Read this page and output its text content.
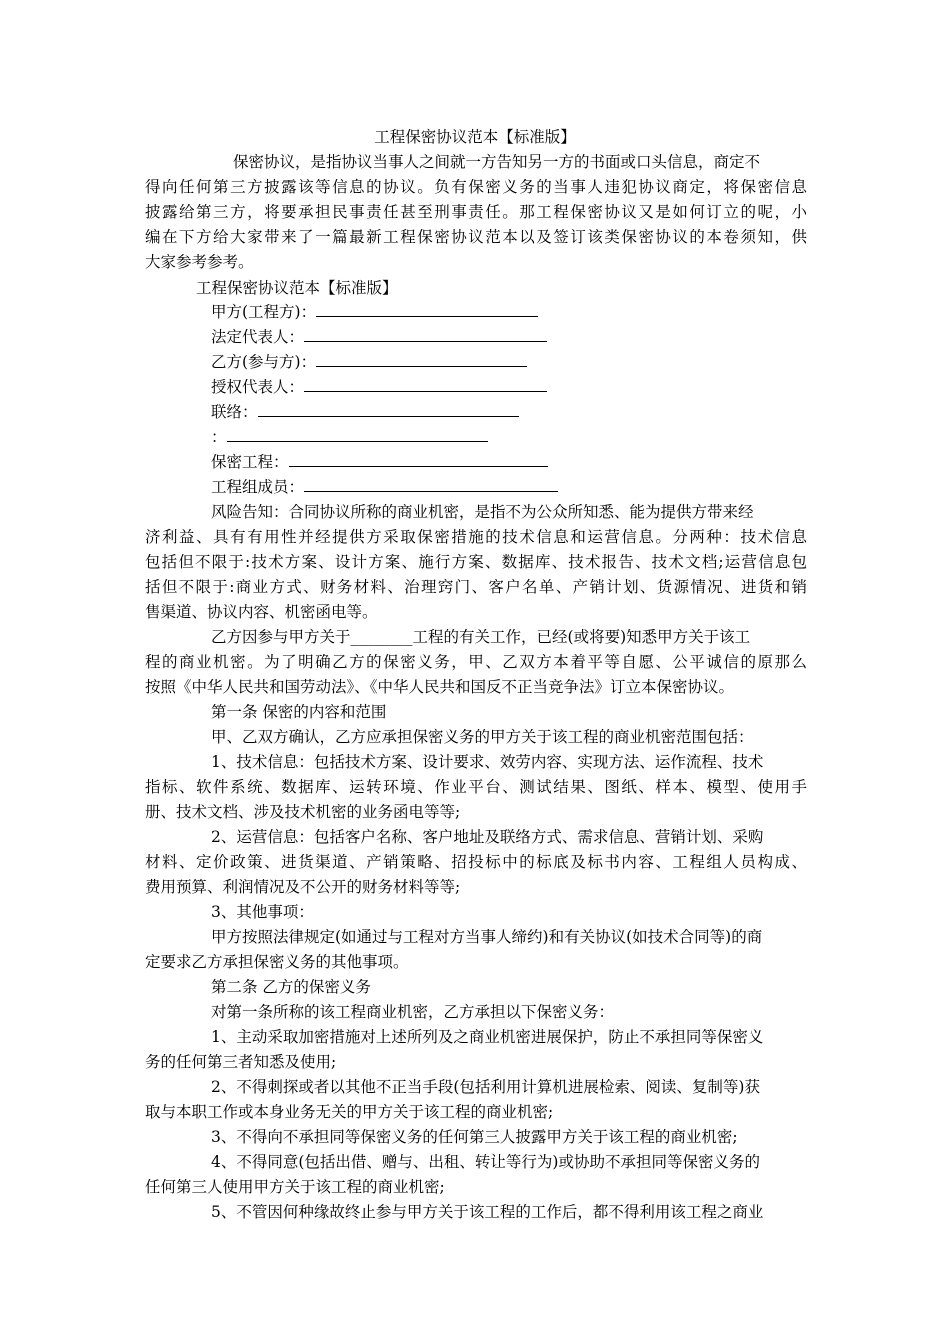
工程保密协议范本【标准版】
保密协议，是指协议当事人之间就一方告知另一方的书面或口头信息，商定不
得向任何第三方披露该等信息的协议。负有保密义务的当事人违犯协议商定，将保密信息
披露给第三方，将要承担民事责任甚至刑事责任。那工程保密协议又是如何订立的呢，小
编在下方给大家带来了一篇最新工程保密协议范本以及签订该类保密协议的本卷须知，供
大家参考参考。
工程保密协议范本【标准版】
甲方(工程方)：
法定代表人：
乙方(参与方)：
授权代表人：
联络：
：
保密工程：
工程组成员：
风险告知：合同协议所称的商业机密，是指不为公众所知悉、能为提供方带来经
济利益、具有有用性并经提供方采取保密措施的技术信息和运营信息。分两种：技术信息
包括但不限于:技术方案、设计方案、施行方案、数据库、技术报告、技术文档;运营信息包
括但不限于:商业方式、财务材料、治理窍门、客户名单、产销计划、货源情况、进货和销
售渠道、协议内容、机密函电等。
乙方因参与甲方关于________工程的有关工作，已经(或将要)知悉甲方关于该工
程的商业机密。为了明确乙方的保密义务，甲、乙双方本着平等自愿、公平诚信的原那么
按照《中华人民共和国劳动法》、《中华人民共和国反不正当竞争法》订立本保密协议。
第一条 保密的内容和范围
甲、乙双方确认，乙方应承担保密义务的甲方关于该工程的商业机密范围包括：
1、技术信息：包括技术方案、设计要求、效劳内容、实现方法、运作流程、技术
指标、软件系统、数据库、运转环境、作业平台、测试结果、图纸、样本、模型、使用手
册、技术文档、涉及技术机密的业务函电等等;
2、运营信息：包括客户名称、客户地址及联络方式、需求信息、营销计划、采购
材料、定价政策、进货渠道、产销策略、招投标中的标底及标书内容、工程组人员构成、
费用预算、利润情况及不公开的财务材料等等;
3、其他事项：
甲方按照法律规定(如通过与工程对方当事人缔约)和有关协议(如技术合同等)的商
定要求乙方承担保密义务的其他事项。
第二条 乙方的保密义务
对第一条所称的该工程商业机密，乙方承担以下保密义务：
1、主动采取加密措施对上述所列及之商业机密进展保护，防止不承担同等保密义
务的任何第三者知悉及使用;
2、不得刺探或者以其他不正当手段(包括利用计算机进展检索、阅读、复制等)获
取与本职工作或本身业务无关的甲方关于该工程的商业机密;
3、不得向不承担同等保密义务的任何第三人披露甲方关于该工程的商业机密;
4、不得同意(包括出借、赠与、出租、转让等行为)或协助不承担同等保密义务的
任何第三人使用甲方关于该工程的商业机密;
5、不管因何种缘故终止参与甲方关于该工程的工作后，都不得利用该工程之商业
